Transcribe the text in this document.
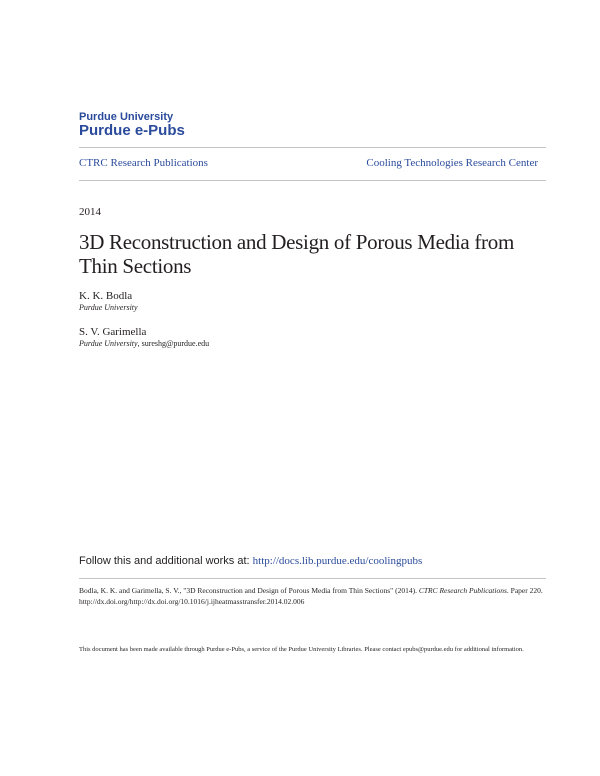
Purdue University
Purdue e-Pubs
CTRC Research Publications	Cooling Technologies Research Center
2014
3D Reconstruction and Design of Porous Media from Thin Sections
K. K. Bodla
Purdue University
S. V. Garimella
Purdue University, sureshg@purdue.edu
Follow this and additional works at: http://docs.lib.purdue.edu/coolingpubs
Bodla, K. K. and Garimella, S. V., "3D Reconstruction and Design of Porous Media from Thin Sections" (2014). CTRC Research Publications. Paper 220.
http://dx.doi.org/http://dx.doi.org/10.1016/j.ijheatmasstransfer.2014.02.006
This document has been made available through Purdue e-Pubs, a service of the Purdue University Libraries. Please contact epubs@purdue.edu for additional information.
